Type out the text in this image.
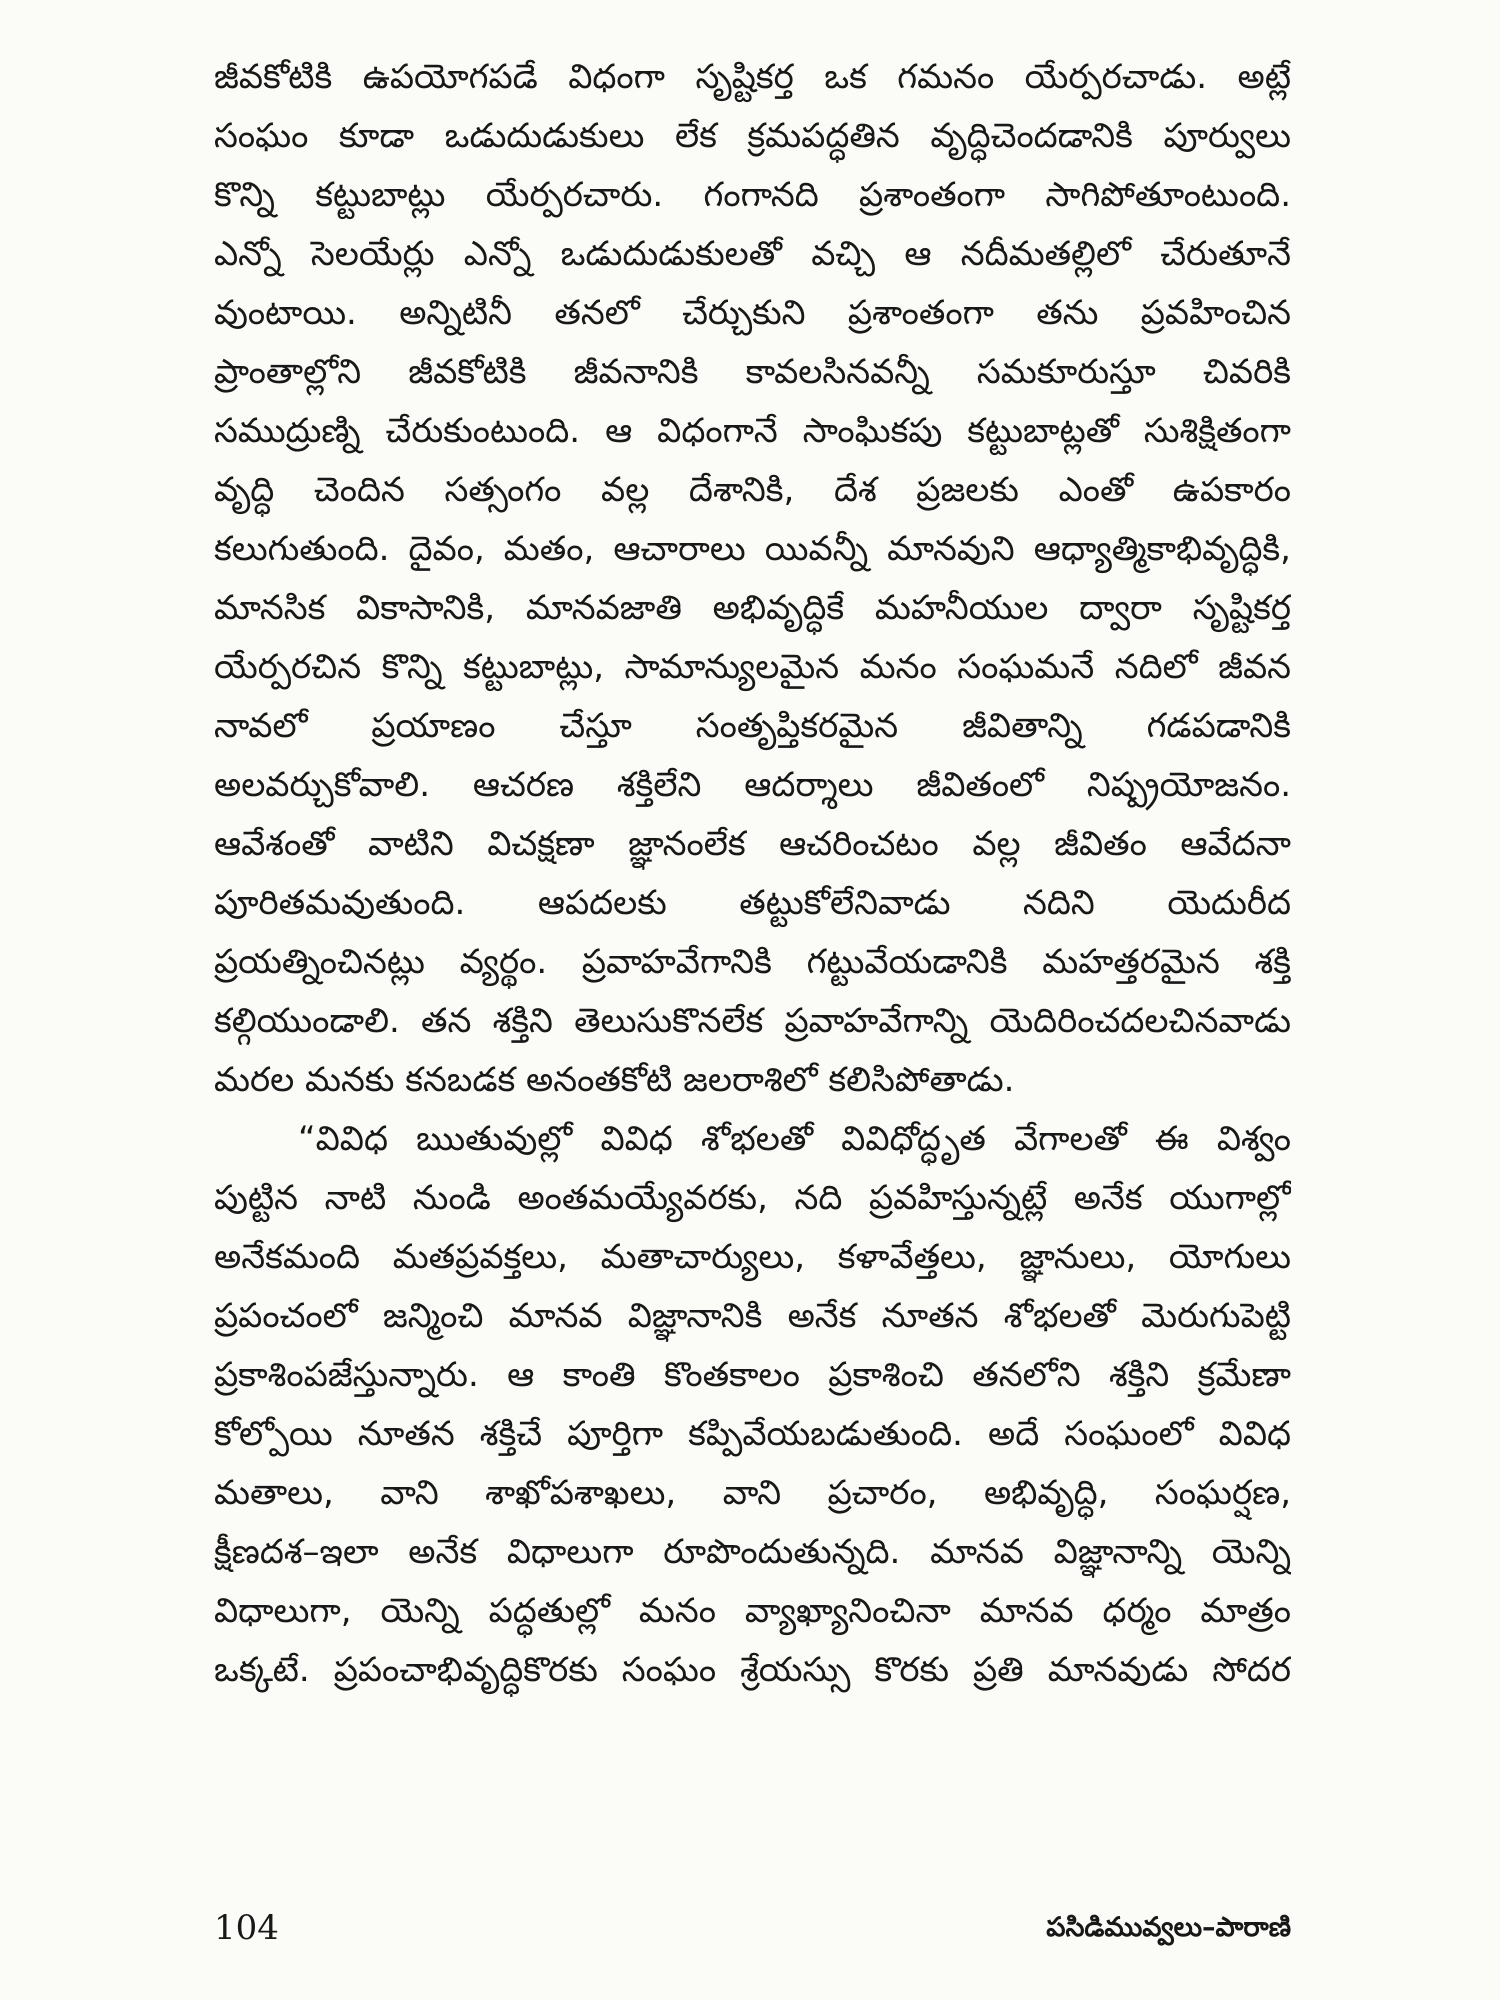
జీవకోటికి ఉపయోగపడే విధంగా సృష్టికర్త ఒక గమనం యేర్పరచాడు. అట్లే
సంఘం కూడా ఒడుదుడుకులు లేక క్రమపద్ధతిన వృద్ధిచెందడానికి పూర్వులు
కొన్ని కట్టుబాట్లు యేర్పరచారు. గంగానది ప్రశాంతంగా సాగిపోతూంటుంది.
ఎన్నో సెలయేర్లు ఎన్నో ఒడుదుడుకులతో వచ్చి ఆ నదీమతల్లిలో చేరుతూనే
వుంటాయి. అన్నిటినీ తనలో చేర్చుకుని ప్రశాంతంగా తను ప్రవహించిన
ప్రాంతాల్లోని జీవకోటికి జీవనానికి కావలసినవన్నీ సమకూరుస్తూ చివరికి
సముద్రుణ్ని చేరుకుంటుంది. ఆ విధంగానే సాంఘికపు కట్టుబాట్లతో సుశిక్షితంగా
వృద్ధి చెందిన సత్సంగం వల్ల దేశానికి, దేశ ప్రజలకు ఎంతో ఉపకారం
కలుగుతుంది. దైవం, మతం, ఆచారాలు యివన్నీ మానవుని ఆధ్యాత్మికాభివృద్ధికి,
మానసిక వికాసానికి, మానవజాతి అభివృద్ధికే మహనీయుల ద్వారా సృష్టికర్త
యేర్పరచిన కొన్ని కట్టుబాట్లు, సామాన్యులమైన మనం సంఘమనే నదిలో జీవన
నావలో ప్రయాణం చేస్తూ సంతృప్తికరమైన జీవితాన్ని గడపడానికి
అలవర్చుకోవాలి. ఆచరణ శక్తిలేని ఆదర్శాలు జీవితంలో నిష్ప్రయోజనం.
ఆవేశంతో వాటిని విచక్షణా జ్ఞానంలేక ఆచరించటం వల్ల జీవితం ఆవేదనా
పూరితమవుతుంది. ఆపదలకు తట్టుకోలేనివాడు నదిని యెదురీద
ప్రయత్నించినట్లు వ్యర్థం. ప్రవాహవేగానికి గట్టువేయడానికి మహత్తరమైన శక్తి
కల్గియుండాలి. తన శక్తిని తెలుసుకొనలేక ప్రవాహవేగాన్ని యెదిరించదలచినవాడు
మరల మనకు కనబడక అనంతకోటి జలరాశిలో కలిసిపోతాడు.
“వివిధ ఋతువుల్లో వివిధ శోభలతో వివిధోద్ధృత వేగాలతో ఈ విశ్వం
పుట్టిన నాటి నుండి అంతమయ్యేవరకు, నది ప్రవహిస్తున్నట్లే అనేక యుగాల్లో
అనేకమంది మతప్రవక్తలు, మతాచార్యులు, కళావేత్తలు, జ్ఞానులు, యోగులు
ప్రపంచంలో జన్మించి మానవ విజ్ఞానానికి అనేక నూతన శోభలతో మెరుగుపెట్టి
ప్రకాశింపజేస్తున్నారు. ఆ కాంతి కొంతకాలం ప్రకాశించి తనలోని శక్తిని క్రమేణా
కోల్పోయి నూతన శక్తిచే పూర్తిగా కప్పివేయబడుతుంది. అదే సంఘంలో వివిధ
మతాలు, వాని శాఖోపశాఖలు, వాని ప్రచారం, అభివృద్ధి, సంఘర్షణ,
క్షీణదశ–ఇలా అనేక విధాలుగా రూపొందుతున్నది. మానవ విజ్ఞానాన్ని యెన్ని
విధాలుగా, యెన్ని పద్ధతుల్లో మనం వ్యాఖ్యానించినా మానవ ధర్మం మాత్రం
ఒక్కటే. ప్రపంచాభివృద్ధికొరకు సంఘం శ్రేయస్సు కొరకు ప్రతి మానవుడు సోదర
104	పసిడిమువ్వలు–పారాణి
